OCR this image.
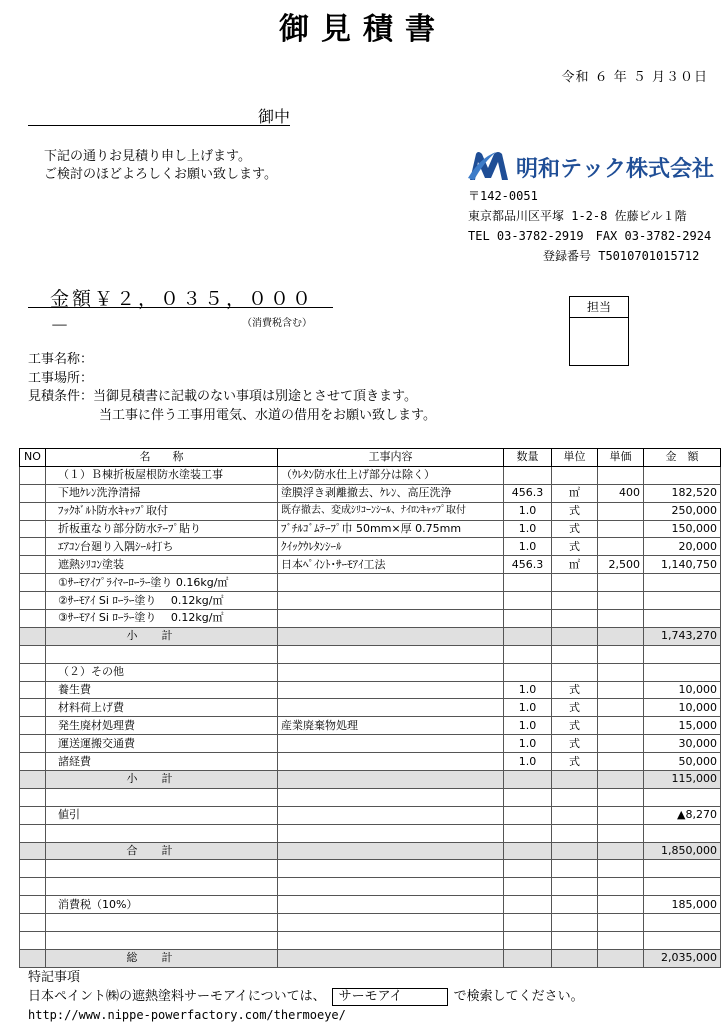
御見積書
令和 ６ 年 ５ 月３０日
御中
下記の通りお見積り申し上げます。
ご検討のほどよろしくお願い致します。	明和テック株式会社
〒142-0051
東京都品川区平塚 1-2-8 佐藤ビル１階
TEL 03-3782-2919　FAX 03-3782-2924
登録番号 T5010701015712
金額￥２，０３５，０００－	（消費税含む）
担当
工事名称：
工事場所：
見積条件：当御見積書に記載のない事項は別途とさせて頂きます。
当工事に伴う工事用電気、水道の借用をお願い致します。
NO	名　　称	工事内容	数量	単位	単価	金　額
	（１）Ｂ棟折板屋根防水塗装工事	（ｳﾚﾀﾝ防水仕上げ部分は除く）				
	下地ｹﾚﾝ洗浄清掃	塗膜浮き剥離撤去、ｹﾚﾝ、高圧洗浄	456.3	㎡	400	182,520
	ﾌｯｸﾎﾞﾙﾄ防水ｷｬｯﾌﾟ取付	既存撤去、変成ｼﾘｺｰﾝｼｰﾙ、ﾅｲﾛﾝｷｬｯﾌﾟ取付	1.0	式		250,000
	折板重なり部分防水ﾃｰﾌﾟ貼り	ﾌﾞﾁﾙｺﾞﾑﾃｰﾌﾟ巾 50mm×厚 0.75mm	1.0	式		150,000
	ｴｱｺﾝ台廻り入隅ｼｰﾙ打ち	ｸｲｯｸｳﾚﾀﾝｼｰﾙ	1.0	式		20,000
	遮熱ｼﾘｺﾝ塗装	日本ﾍﾟｲﾝﾄ･ｻｰﾓｱｲ工法	456.3	㎡	2,500	1,140,750
	①ｻｰﾓｱｲﾌﾟﾗｲﾏｰﾛｰﾗｰ塗り 0.16kg/㎡					
	②ｻｰﾓｱｲ Si ﾛｰﾗｰ塗り　 0.12kg/㎡					
	③ｻｰﾓｱｲ Si ﾛｰﾗｰ塗り　 0.12kg/㎡					
	小計					1,743,270

	（２）その他					
	養生費		1.0	式		10,000
	材料荷上げ費		1.0	式		10,000
	発生廃材処理費	産業廃棄物処理	1.0	式		15,000
	運送運搬交通費		1.0	式		30,000
	諸経費		1.0	式		50,000
	小計					115,000

	値引					▲8,270

	合計					1,850,000

	消費税（10%）					185,000

	総計					2,035,000
特記事項
日本ペイント㈱の遮熱塗料サーモアイについては、 サーモアイ	で検索してください。
http://www.nippe-powerfactory.com/thermoeye/
